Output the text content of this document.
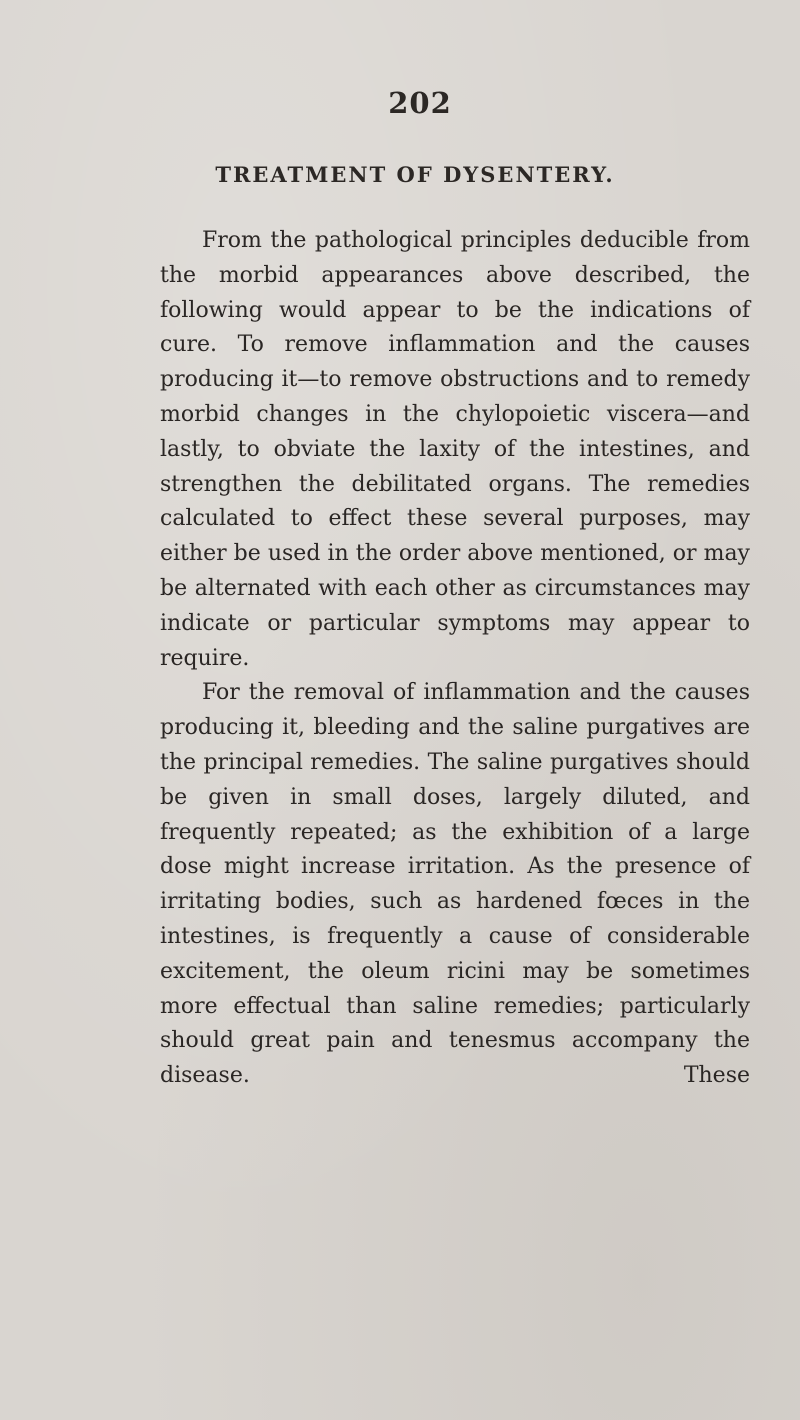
202
TREATMENT OF DYSENTERY.

From the pathological principles deducible from the morbid appearances above described, the following would appear to be the indications of cure. To remove inflammation and the causes producing it—to remove obstructions and to remedy morbid changes in the chylopoietic viscera—and lastly, to obviate the laxity of the intestines, and strengthen the debilitated organs. The remedies calculated to effect these several purposes, may either be used in the order above mentioned, or may be alternated with each other as circumstances may indicate or particular symptoms may appear to require.

For the removal of inflammation and the causes producing it, bleeding and the saline purgatives are the principal remedies. The saline purgatives should be given in small doses, largely diluted, and frequently repeated; as the exhibition of a large dose might increase irritation. As the presence of irritating bodies, such as hardened fœces in the intestines, is frequently a cause of considerable excitement, the oleum ricini may be sometimes more effectual than saline remedies; particularly should great pain and tenesmus accompany the disease. These
